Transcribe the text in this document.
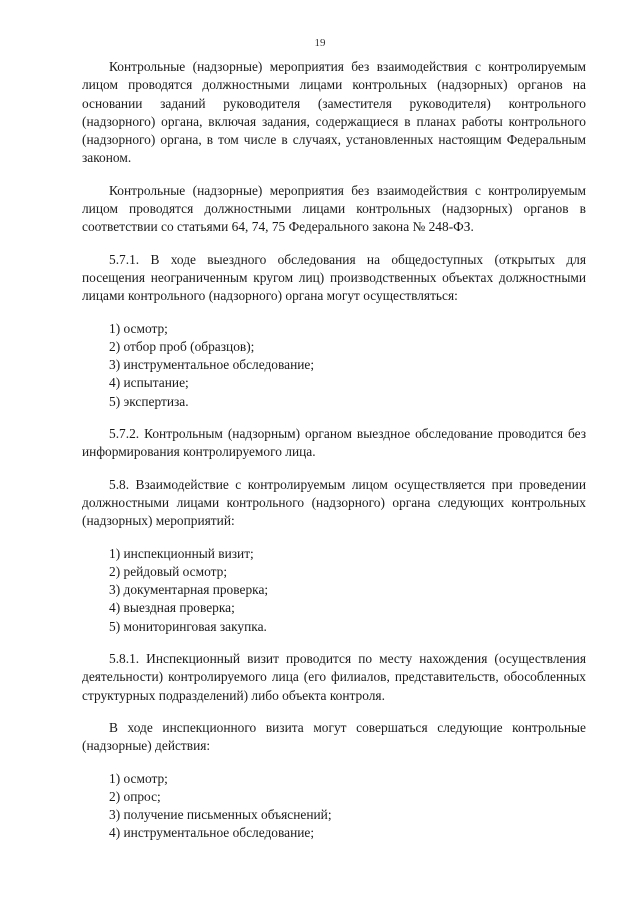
19

Контрольные (надзорные) мероприятия без взаимодействия с контролируемым лицом проводятся должностными лицами контрольных (надзорных) органов на основании заданий руководителя (заместителя руководителя) контрольного (надзорного) органа, включая задания, содержащиеся в планах работы контрольного (надзорного) органа, в том числе в случаях, установленных настоящим Федеральным законом.

Контрольные (надзорные) мероприятия без взаимодействия с контролируемым лицом проводятся должностными лицами контрольных (надзорных) органов в соответствии со статьями 64, 74, 75 Федерального закона № 248-ФЗ.

5.7.1. В ходе выездного обследования на общедоступных (открытых для посещения неограниченным кругом лиц) производственных объектах должностными лицами контрольного (надзорного) органа могут осуществляться:

1) осмотр;
2) отбор проб (образцов);
3) инструментальное обследование;
4) испытание;
5) экспертиза.

5.7.2. Контрольным (надзорным) органом выездное обследование проводится без информирования контролируемого лица.

5.8. Взаимодействие с контролируемым лицом осуществляется при проведении должностными лицами контрольного (надзорного) органа следующих контрольных (надзорных) мероприятий:

1) инспекционный визит;
2) рейдовый осмотр;
3) документарная проверка;
4) выездная проверка;
5) мониторинговая закупка.

5.8.1. Инспекционный визит проводится по месту нахождения (осуществления деятельности) контролируемого лица (его филиалов, представительств, обособленных структурных подразделений) либо объекта контроля.

В ходе инспекционного визита могут совершаться следующие контрольные (надзорные) действия:

1) осмотр;
2) опрос;
3) получение письменных объяснений;
4) инструментальное обследование;
